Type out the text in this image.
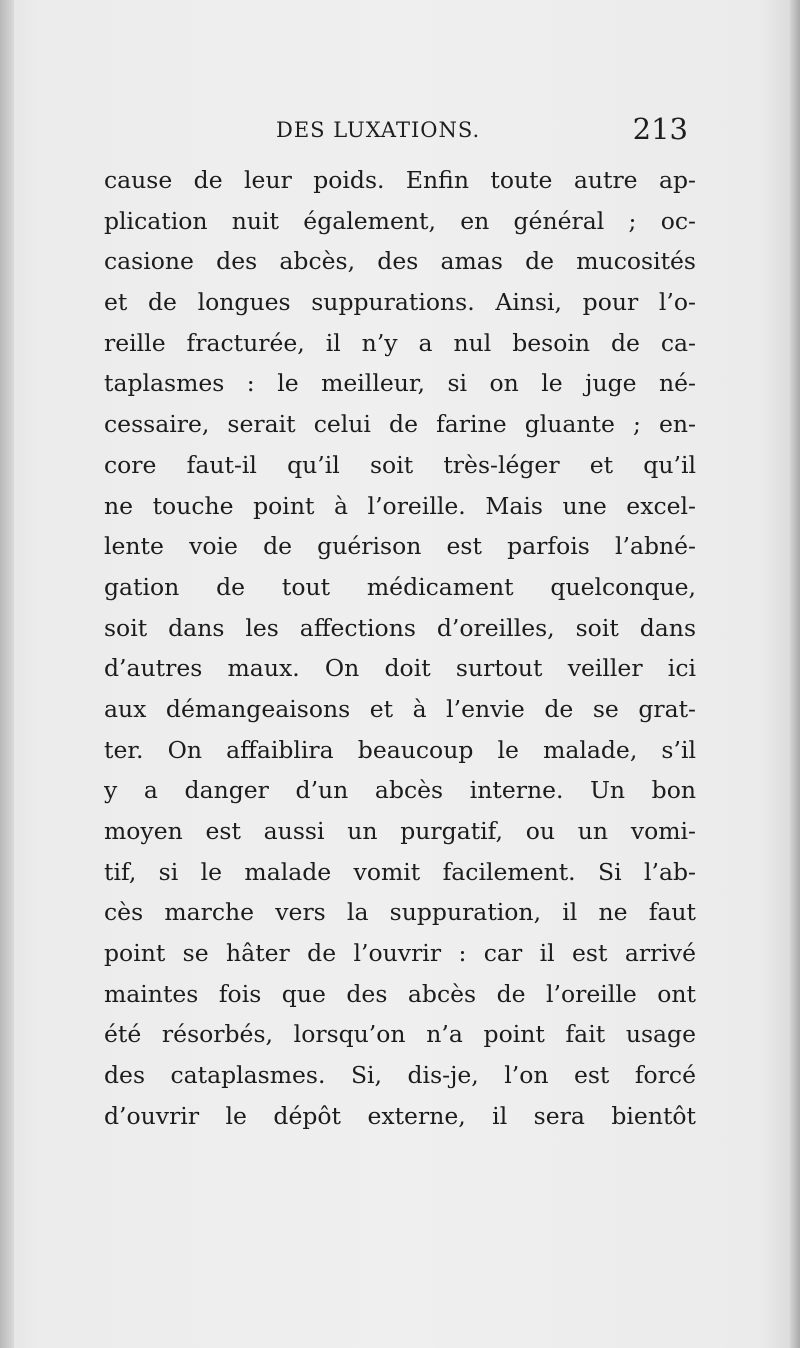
DES LUXATIONS.	213
cause de leur poids. Enfin toute autre ap-
plication nuit également, en général ; oc-
casione des abcès, des amas de mucosités
et de longues suppurations. Ainsi, pour l’o-
reille fracturée, il n’y a nul besoin de ca-
taplasmes : le meilleur, si on le juge né-
cessaire, serait celui de farine gluante ; en-
core faut-il qu’il soit très-léger et qu’il
ne touche point à l’oreille. Mais une excel-
lente voie de guérison est parfois l’abné-
gation de tout médicament quelconque,
soit dans les affections d’oreilles, soit dans
d’autres maux. On doit surtout veiller ici
aux démangeaisons et à l’envie de se grat-
ter. On affaiblira beaucoup le malade, s’il
y a danger d’un abcès interne. Un bon
moyen est aussi un purgatif, ou un vomi-
tif, si le malade vomit facilement. Si l’ab-
cès marche vers la suppuration, il ne faut
point se hâter de l’ouvrir : car il est arrivé
maintes fois que des abcès de l’oreille ont
été résorbés, lorsqu’on n’a point fait usage
des cataplasmes. Si, dis-je, l’on est forcé
d’ouvrir le dépôt externe, il sera bientôt
